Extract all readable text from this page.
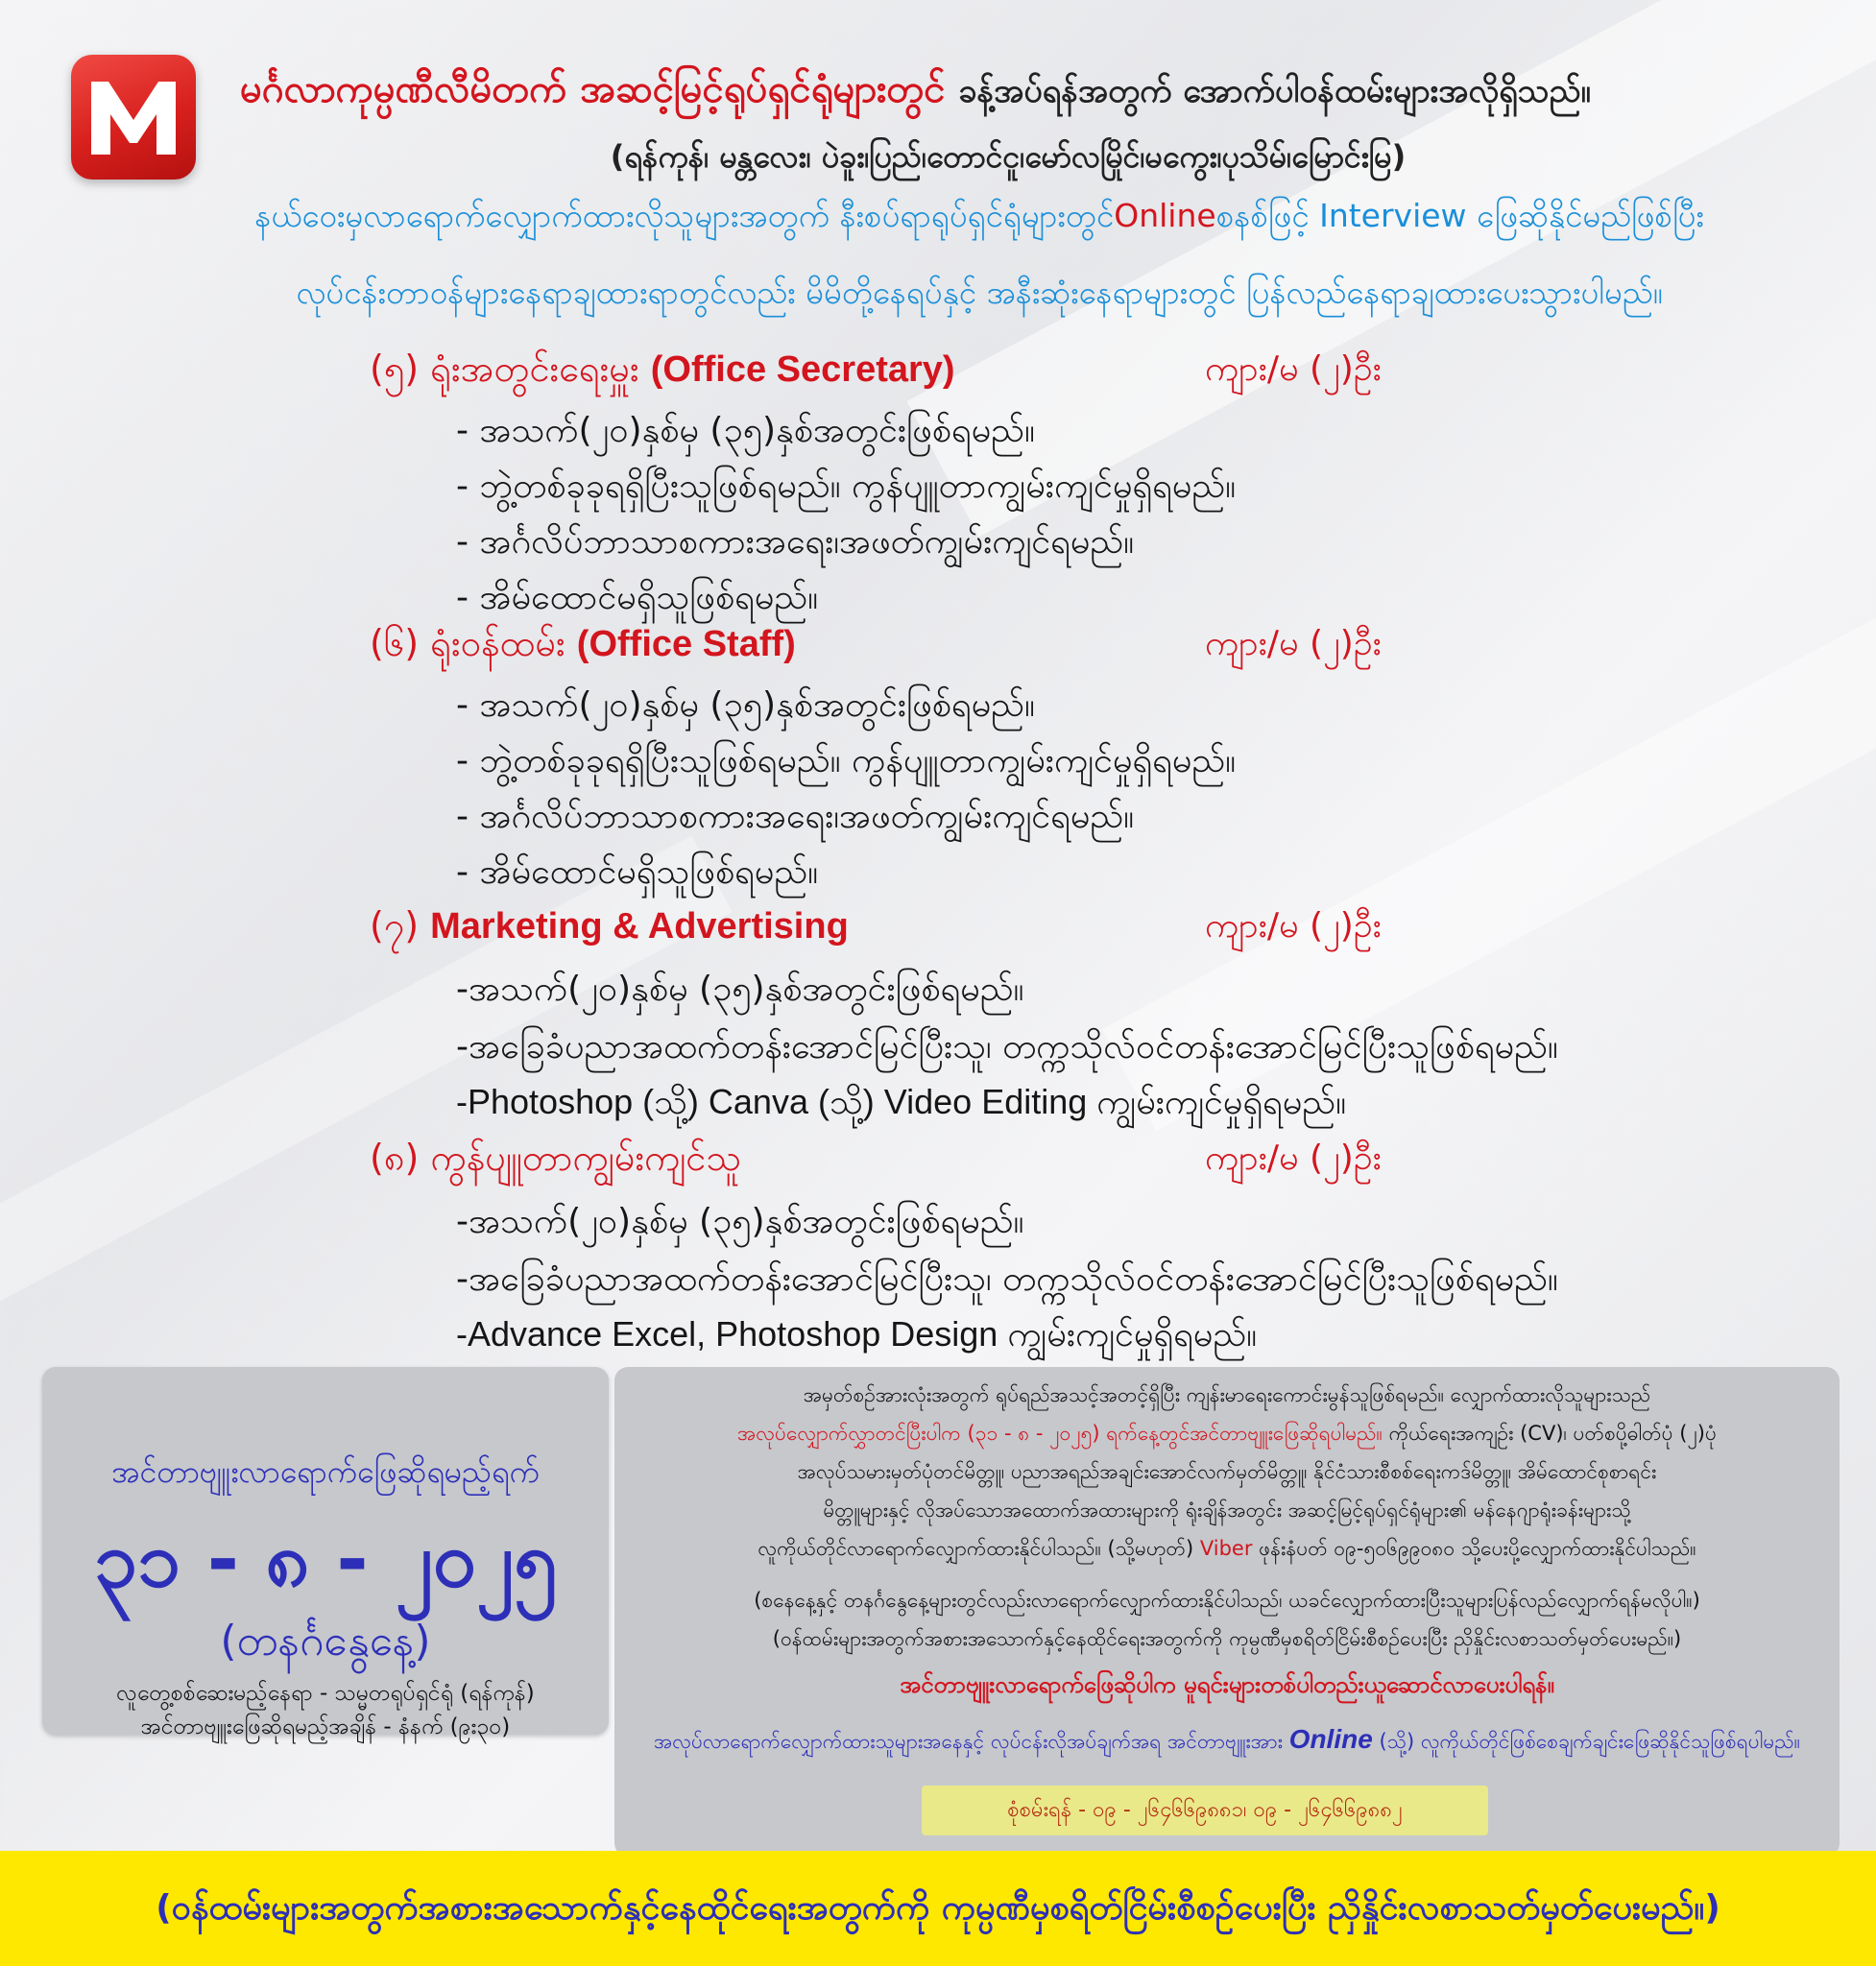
မင်္ဂလာကုမ္ပဏီလီမိတက် အဆင့်မြင့်ရုပ်ရှင်ရုံများတွင် ခန့်အပ်ရန်အတွက် အောက်ပါဝန်ထမ်းများအလိုရှိသည်။
(ရန်ကုန်၊ မန္တလေး၊ ပဲခူး၊ပြည်၊တောင်ငူ၊မော်လမြိုင်၊မကွေး၊ပုသိမ်၊မြောင်းမြ)
နယ်ဝေးမှလာရောက်လျှောက်ထားလိုသူများအတွက် နီးစပ်ရာရုပ်ရှင်ရုံများတွင်Onlineစနစ်ဖြင့် Interview ဖြေဆိုနိုင်မည်ဖြစ်ပြီး
လုပ်ငန်းတာဝန်များနေရာချထားရာတွင်လည်း မိမိတို့နေရပ်နှင့် အနီးဆုံးနေရာများတွင် ပြန်လည်နေရာချထားပေးသွားပါမည်။
(၅) ရုံးအတွင်းရေးမှူး (Office Secretary)	ကျား/မ (၂)ဦး
- အသက်(၂၀)နှစ်မှ (၃၅)နှစ်အတွင်းဖြစ်ရမည်။
- ဘွဲ့တစ်ခုခုရရှိပြီးသူဖြစ်ရမည်။ ကွန်ပျူတာကျွမ်းကျင်မှုရှိရမည်။
- အင်္ဂလိပ်ဘာသာစကားအရေး၊အဖတ်ကျွမ်းကျင်ရမည်။
- အိမ်ထောင်မရှိသူဖြစ်ရမည်။
(၆) ရုံးဝန်ထမ်း (Office Staff)	ကျား/မ (၂)ဦး
- အသက်(၂၀)နှစ်မှ (၃၅)နှစ်အတွင်းဖြစ်ရမည်။
- ဘွဲ့တစ်ခုခုရရှိပြီးသူဖြစ်ရမည်။ ကွန်ပျူတာကျွမ်းကျင်မှုရှိရမည်။
- အင်္ဂလိပ်ဘာသာစကားအရေး၊အဖတ်ကျွမ်းကျင်ရမည်။
- အိမ်ထောင်မရှိသူဖြစ်ရမည်။
(၇) Marketing & Advertising	ကျား/မ (၂)ဦး
-အသက်(၂၀)နှစ်မှ (၃၅)နှစ်အတွင်းဖြစ်ရမည်။
-အခြေခံပညာအထက်တန်းအောင်မြင်ပြီးသူ၊ တက္ကသိုလ်ဝင်တန်းအောင်မြင်ပြီးသူဖြစ်ရမည်။
-Photoshop (သို့) Canva (သို့) Video Editing ကျွမ်းကျင်မှုရှိရမည်။
(၈) ကွန်ပျူတာကျွမ်းကျင်သူ	ကျား/မ (၂)ဦး
-အသက်(၂၀)နှစ်မှ (၃၅)နှစ်အတွင်းဖြစ်ရမည်။
-အခြေခံပညာအထက်တန်းအောင်မြင်ပြီးသူ၊ တက္ကသိုလ်ဝင်တန်းအောင်မြင်ပြီးသူဖြစ်ရမည်။
-Advance Excel, Photoshop Design ကျွမ်းကျင်မှုရှိရမည်။
အင်တာဗျူးလာရောက်ဖြေဆိုရမည့်ရက်
၃၁ - ၈ - ၂၀၂၅
(တနင်္ဂနွေနေ့)
လူတွေ့စစ်ဆေးမည့်နေရာ - သမ္မတရုပ်ရှင်ရုံ (ရန်ကုန်)
အင်တာဗျူးဖြေဆိုရမည့်အချိန် - နံနက် (၉း၃၀)
အမှတ်စဉ်အားလုံးအတွက် ရုပ်ရည်အသင့်အတင့်ရှိပြီး ကျန်းမာရေးကောင်းမွန်သူဖြစ်ရမည်။ လျှောက်ထားလိုသူများသည်
အလုပ်လျှောက်လွှာတင်ပြီးပါက (၃၁ - ၈ - ၂၀၂၅) ရက်နေ့တွင်အင်တာဗျူးဖြေဆိုရပါမည်။ ကိုယ်ရေးအကျဉ်း (CV)၊ ပတ်စပို့ဓါတ်ပုံ (၂)ပုံ
အလုပ်သမားမှတ်ပုံတင်မိတ္တူ၊ ပညာအရည်အချင်းအောင်လက်မှတ်မိတ္တူ၊ နိုင်ငံသားစီစစ်ရေးကဒ်မိတ္တူ၊ အိမ်ထောင်စုစာရင်း
မိတ္တူများနှင့် လိုအပ်သောအထောက်အထားများကို ရုံးချိန်အတွင်း အဆင့်မြင့်ရုပ်ရှင်ရုံများ၏ မန်နေဂျာရုံးခန်းများသို့
လူကိုယ်တိုင်လာရောက်လျှောက်ထားနိုင်ပါသည်။ (သို့မဟုတ်) Viber ဖုန်းနံပတ် ၀၉-၅၀၆၉၉၀၈၀ သို့ပေးပို့လျှောက်ထားနိုင်ပါသည်။
(စနေနေ့နှင့် တနင်္ဂနွေနေ့များတွင်လည်းလာရောက်လျှောက်ထားနိုင်ပါသည်၊ ယခင်လျှောက်ထားပြီးသူများပြန်လည်လျှောက်ရန်မလိုပါ။)
(ဝန်ထမ်းများအတွက်အစားအသောက်နှင့်နေထိုင်ရေးအတွက်ကို ကုမ္ပဏီမှစရိတ်ငြိမ်းစီစဉ်ပေးပြီး ညှိနှိုင်းလစာသတ်မှတ်ပေးမည်။)
အင်တာဗျူးလာရောက်ဖြေဆိုပါက မူရင်းများတစ်ပါတည်းယူဆောင်လာပေးပါရန်။
အလုပ်လာရောက်လျှောက်ထားသူများအနေနှင့် လုပ်ငန်းလိုအပ်ချက်အရ အင်တာဗျူးအား Online (သို့) လူကိုယ်တိုင်ဖြစ်စေချက်ချင်းဖြေဆိုနိုင်သူဖြစ်ရပါမည်။
စုံစမ်းရန် - ၀၉ - ၂၆၄၆၆၉၈၈၁၊ ၀၉ - ၂၆၄၆၆၉၈၈၂
(ဝန်ထမ်းများအတွက်အစားအသောက်နှင့်နေထိုင်ရေးအတွက်ကို ကုမ္ပဏီမှစရိတ်ငြိမ်းစီစဉ်ပေးပြီး ညှိနှိုင်းလစာသတ်မှတ်ပေးမည်။)
